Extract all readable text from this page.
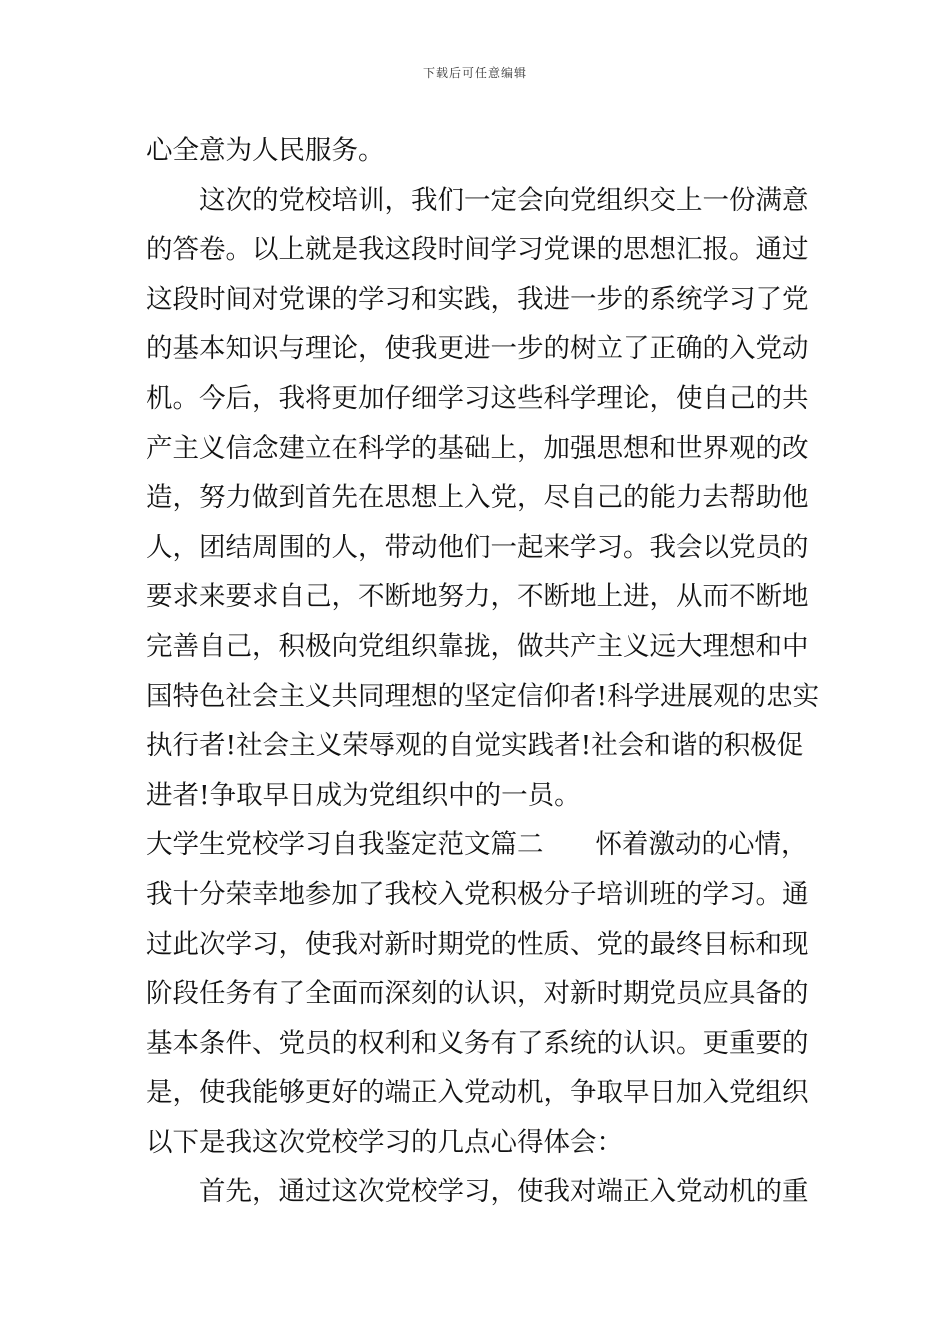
下载后可任意编辑
心全意为人民服务。
这次的党校培训，我们一定会向党组织交上一份满意
的答卷。以上就是我这段时间学习党课的思想汇报。通过
这段时间对党课的学习和实践，我进一步的系统学习了党
的基本知识与理论，使我更进一步的树立了正确的入党动
机。今后，我将更加仔细学习这些科学理论，使自己的共
产主义信念建立在科学的基础上，加强思想和世界观的改
造，努力做到首先在思想上入党，尽自己的能力去帮助他
人，团结周围的人，带动他们一起来学习。我会以党员的
要求来要求自己，不断地努力，不断地上进，从而不断地
完善自己，积极向党组织靠拢，做共产主义远大理想和中
国特色社会主义共同理想的坚定信仰者!科学进展观的忠实
执行者!社会主义荣辱观的自觉实践者!社会和谐的积极促
进者!争取早日成为党组织中的一员。
大学生党校学习自我鉴定范文篇二 怀着激动的心情，
我十分荣幸地参加了我校入党积极分子培训班的学习。通
过此次学习，使我对新时期党的性质、党的最终目标和现
阶段任务有了全面而深刻的认识，对新时期党员应具备的
基本条件、党员的权利和义务有了系统的认识。更重要的
是，使我能够更好的端正入党动机，争取早日加入党组织
以下是我这次党校学习的几点心得体会：
首先，通过这次党校学习，使我对端正入党动机的重
